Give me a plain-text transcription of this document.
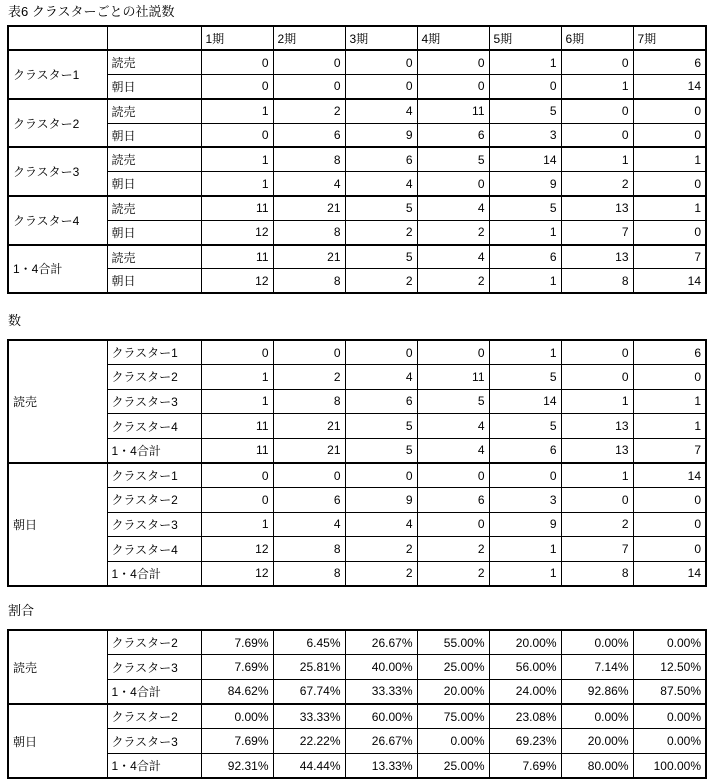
表6 クラスターごとの社説数
		1期	2期	3期	4期	5期	6期	7期
クラスター1	読売	0	0	0	0	1	0	6
	朝日	0	0	0	0	0	1	14
クラスター2	読売	1	2	4	11	5	0	0
	朝日	0	6	9	6	3	0	0
クラスター3	読売	1	8	6	5	14	1	1
	朝日	1	4	4	0	9	2	0
クラスター4	読売	11	21	5	4	5	13	1
	朝日	12	8	2	2	1	7	0
1・4合計	読売	11	21	5	4	6	13	7
	朝日	12	8	2	2	1	8	14
数
読売	クラスター1	0	0	0	0	1	0	6
	クラスター2	1	2	4	11	5	0	0
	クラスター3	1	8	6	5	14	1	1
	クラスター4	11	21	5	4	5	13	1
	1・4合計	11	21	5	4	6	13	7
朝日	クラスター1	0	0	0	0	0	1	14
	クラスター2	0	6	9	6	3	0	0
	クラスター3	1	4	4	0	9	2	0
	クラスター4	12	8	2	2	1	7	0
	1・4合計	12	8	2	2	1	8	14
割合
読売	クラスター2	7.69%	6.45%	26.67%	55.00%	20.00%	0.00%	0.00%
	クラスター3	7.69%	25.81%	40.00%	25.00%	56.00%	7.14%	12.50%
	1・4合計	84.62%	67.74%	33.33%	20.00%	24.00%	92.86%	87.50%
朝日	クラスター2	0.00%	33.33%	60.00%	75.00%	23.08%	0.00%	0.00%
	クラスター3	7.69%	22.22%	26.67%	0.00%	69.23%	20.00%	0.00%
	1・4合計	92.31%	44.44%	13.33%	25.00%	7.69%	80.00%	100.00%
